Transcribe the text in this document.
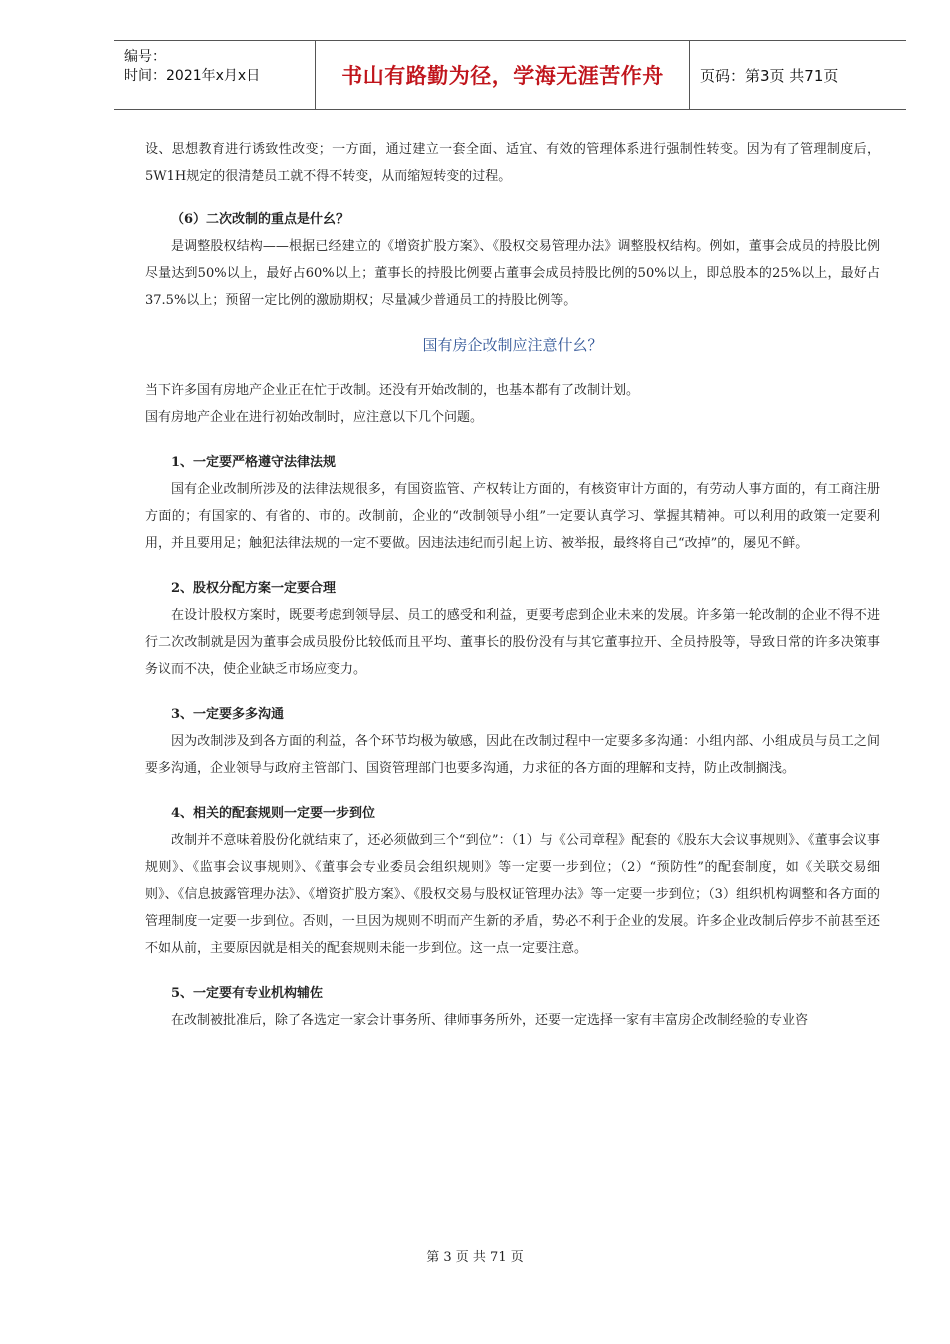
编号：
时间：2021年x月x日	书山有路勤为径，学海无涯苦作舟 页码：第3页 共71页

设、思想教育进行诱致性改变；一方面，通过建立一套全面、适宜、有效的管理体系进行强制性转变。因为有了管理制度后，5W1H规定的很清楚员工就不得不转变，从而缩短转变的过程。

（6）二次改制的重点是什幺？

是调整股权结构——根据已经建立的《增资扩股方案》、《股权交易管理办法》调整股权结构。例如，董事会成员的持股比例尽量达到50%以上，最好占60%以上；董事长的持股比例要占董事会成员持股比例的50%以上，即总股本的25%以上，最好占37.5%以上；预留一定比例的激励期权；尽量减少普通员工的持股比例等。

国有房企改制应注意什幺？

当下许多国有房地产企业正在忙于改制。还没有开始改制的，也基本都有了改制计划。

国有房地产企业在进行初始改制时，应注意以下几个问题。

1、一定要严格遵守法律法规

国有企业改制所涉及的法律法规很多，有国资监管、产权转让方面的，有核资审计方面的，有劳动人事方面的，有工商注册方面的；有国家的、有省的、市的。改制前，企业的“改制领导小组”一定要认真学习、掌握其精神。可以利用的政策一定要利用，并且要用足；触犯法律法规的一定不要做。因违法违纪而引起上访、被举报，最终将自己“改掉”的，屡见不鲜。

2、股权分配方案一定要合理

在设计股权方案时，既要考虑到领导层、员工的感受和利益，更要考虑到企业未来的发展。许多第一轮改制的企业不得不进行二次改制就是因为董事会成员股份比较低而且平均、董事长的股份没有与其它董事拉开、全员持股等，导致日常的许多决策事务议而不决，使企业缺乏市场应变力。

3、一定要多多沟通

因为改制涉及到各方面的利益，各个环节均极为敏感，因此在改制过程中一定要多多沟通：小组内部、小组成员与员工之间要多沟通，企业领导与政府主管部门、国资管理部门也要多沟通，力求征的各方面的理解和支持，防止改制搁浅。

4、相关的配套规则一定要一步到位

改制并不意味着股份化就结束了，还必须做到三个“到位”：（1）与《公司章程》配套的《股东大会议事规则》、《董事会议事规则》、《监事会议事规则》、《董事会专业委员会组织规则》等一定要一步到位；（2）“预防性”的配套制度，如《关联交易细则》、《信息披露管理办法》、《增资扩股方案》、《股权交易与股权证管理办法》等一定要一步到位；（3）组织机构调整和各方面的管理制度一定要一步到位。否则，一旦因为规则不明而产生新的矛盾，势必不利于企业的发展。许多企业改制后停步不前甚至还不如从前，主要原因就是相关的配套规则未能一步到位。这一点一定要注意。

5、一定要有专业机构辅佐

在改制被批准后，除了各选定一家会计事务所、律师事务所外，还要一定选择一家有丰富房企改制经验的专业咨

第 3 页 共 71 页
